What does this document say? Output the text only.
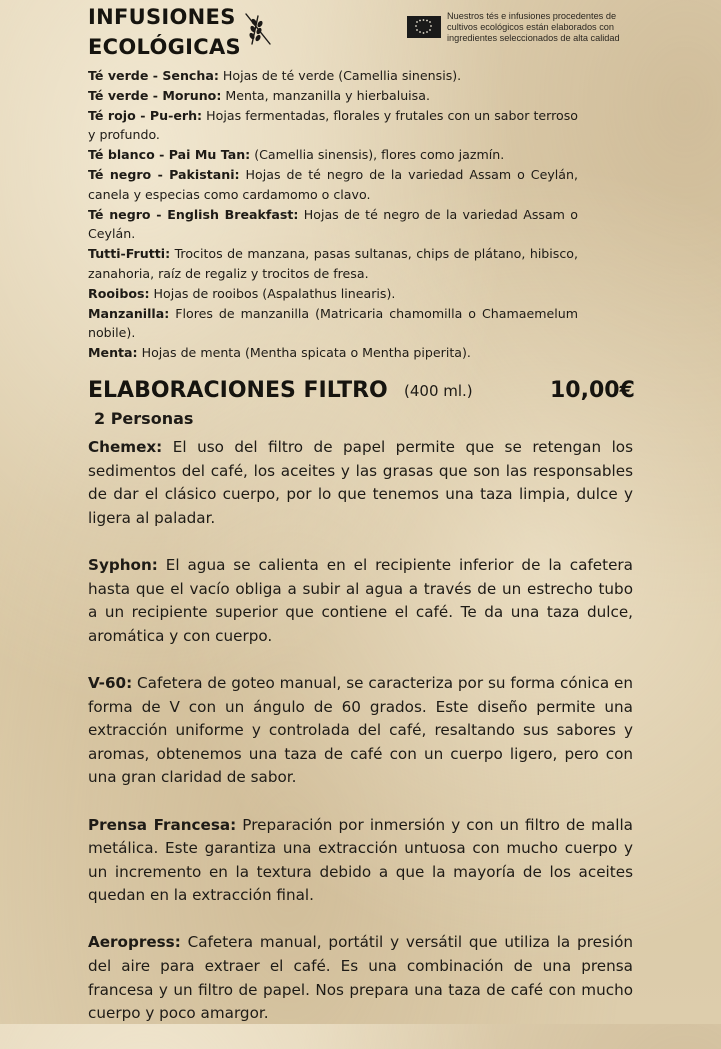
INFUSIONES
ECOLÓGICAS
Nuestros tés e infusiones procedentes de cultivos ecológicos están elaborados con ingredientes seleccionados de alta calidad

Té verde - Sencha: Hojas de té verde (Camellia sinensis).

Té verde - Moruno: Menta, manzanilla y hierbaluisa.

Té rojo - Pu-erh: Hojas fermentadas, florales y frutales con un sabor terroso y profundo.

Té blanco - Pai Mu Tan: (Camellia sinensis), flores como jazmín.

Té negro - Pakistani: Hojas de té negro de la variedad Assam o Ceylán, canela y especias como cardamomo o clavo.

Té negro - English Breakfast: Hojas de té negro de la variedad Assam o Ceylán.

Tutti-Frutti: Trocitos de manzana, pasas sultanas, chips de plátano, hibisco, zanahoria, raíz de regaliz y trocitos de fresa.

Rooibos: Hojas de rooibos (Aspalathus linearis).

Manzanilla: Flores de manzanilla (Matricaria chamomilla o Chamaemelum nobile).

Menta: Hojas de menta (Mentha spicata o Mentha piperita).

ELABORACIONES FILTRO (400 ml.)	10,00€
2 Personas

Chemex: El uso del filtro de papel permite que se retengan los sedimentos del café, los aceites y las grasas que son las responsables de dar el clásico cuerpo, por lo que tenemos una taza limpia, dulce y ligera al paladar.

Syphon: El agua se calienta en el recipiente inferior de la cafetera hasta que el vacío obliga a subir al agua a través de un estrecho tubo a un recipiente superior que contiene el café. Te da una taza dulce, aromática y con cuerpo.

V-60: Cafetera de goteo manual, se caracteriza por su forma cónica en forma de V con un ángulo de 60 grados. Este diseño permite una extracción uniforme y controlada del café, resaltando sus sabores y aromas, obtenemos una taza de café con un cuerpo ligero, pero con una gran claridad de sabor.

Prensa Francesa: Preparación por inmersión y con un filtro de malla metálica. Este garantiza una extracción untuosa con mucho cuerpo y un incremento en la textura debido a que la mayoría de los aceites quedan en la extracción final.

Aeropress: Cafetera manual, portátil y versátil que utiliza la presión del aire para extraer el café. Es una combinación de una prensa francesa y un filtro de papel. Nos prepara una taza de café con mucho cuerpo y poco amargor.
